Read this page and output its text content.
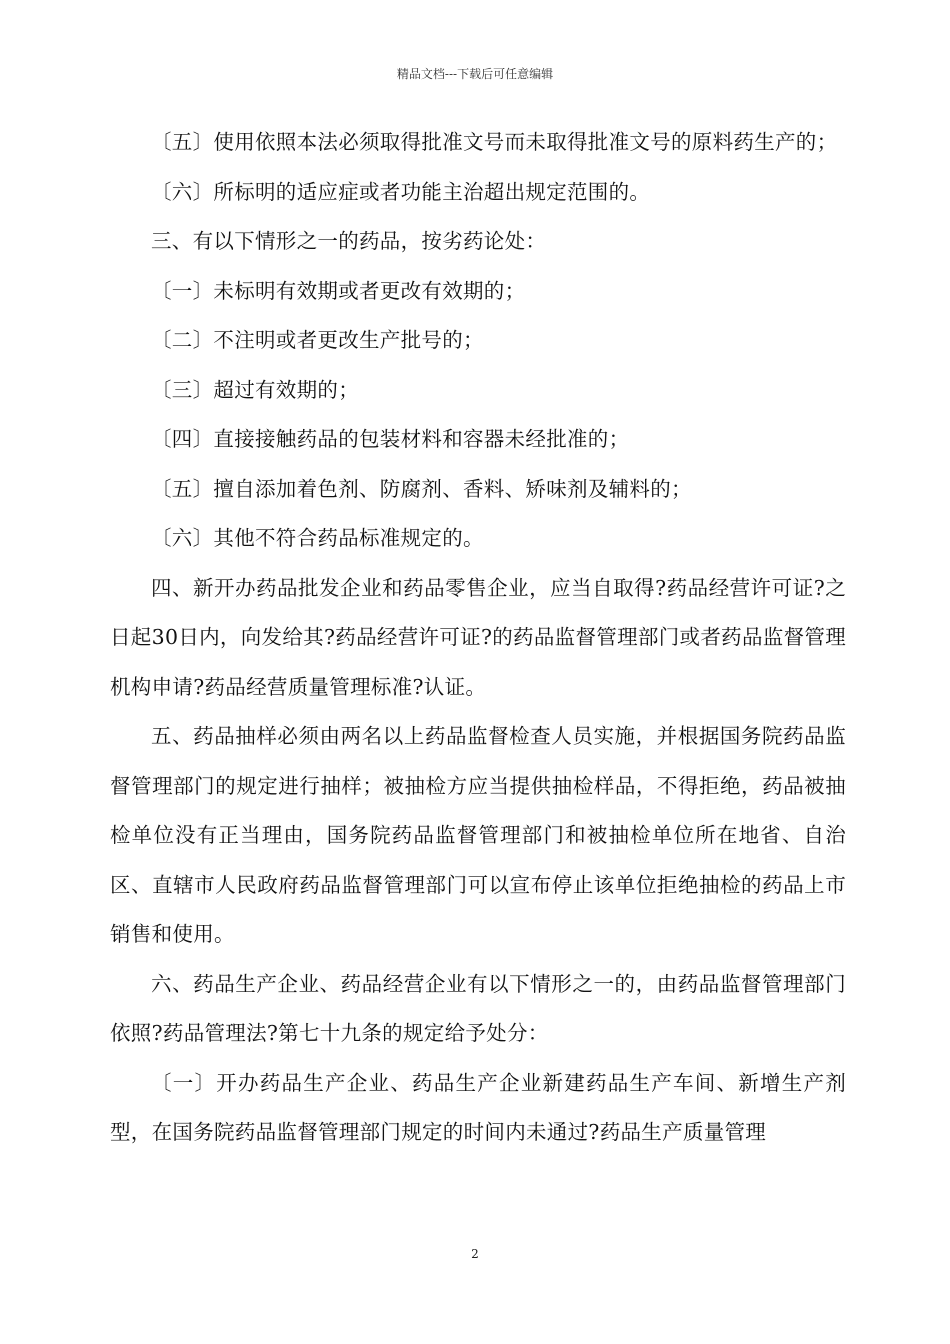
精品文档---下载后可任意编辑

〔五〕使用依照本法必须取得批准文号而未取得批准文号的原料药生产的；

〔六〕所标明的适应症或者功能主治超出规定范围的。

三、有以下情形之一的药品，按劣药论处：

〔一〕未标明有效期或者更改有效期的；

〔二〕不注明或者更改生产批号的；

〔三〕超过有效期的；

〔四〕直接接触药品的包装材料和容器未经批准的；

〔五〕擅自添加着色剂、防腐剂、香料、矫味剂及辅料的；

〔六〕其他不符合药品标准规定的。

四、新开办药品批发企业和药品零售企业，应当自取得?药品经营许可证?之日起30日内，向发给其?药品经营许可证?的药品监督管理部门或者药品监督管理机构申请?药品经营质量管理标准?认证。

五、药品抽样必须由两名以上药品监督检查人员实施，并根据国务院药品监督管理部门的规定进行抽样；被抽检方应当提供抽检样品，不得拒绝，药品被抽检单位没有正当理由，国务院药品监督管理部门和被抽检单位所在地省、自治区、直辖市人民政府药品监督管理部门可以宣布停止该单位拒绝抽检的药品上市销售和使用。

六、药品生产企业、药品经营企业有以下情形之一的，由药品监督管理部门依照?药品管理法?第七十九条的规定给予处分：

〔一〕开办药品生产企业、药品生产企业新建药品生产车间、新增生产剂型，在国务院药品监督管理部门规定的时间内未通过?药品生产质量管理

2
